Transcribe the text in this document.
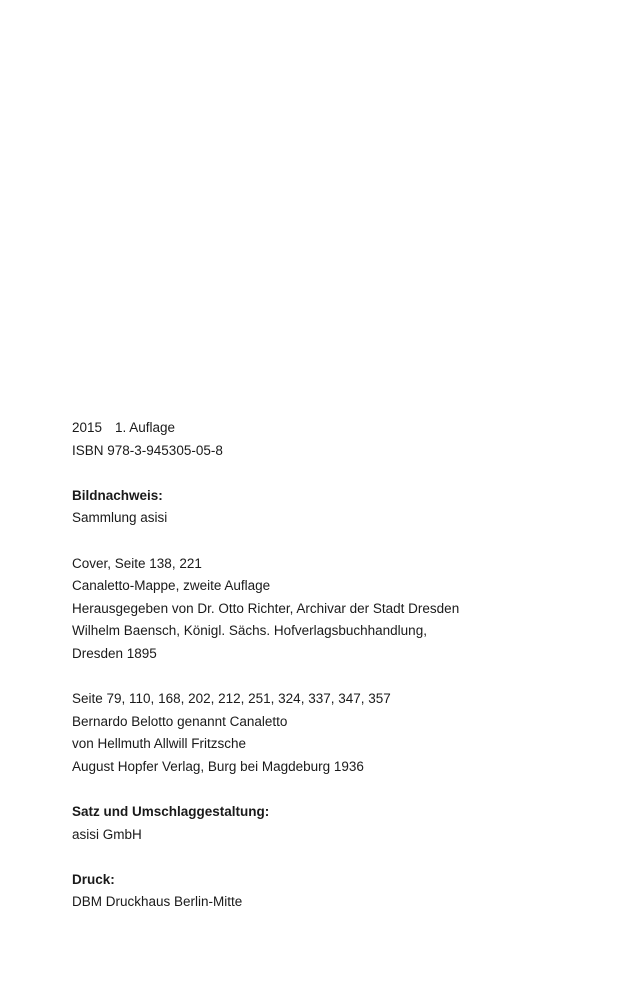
2015 1. Auflage
ISBN 978-3-945305-05-8
Bildnachweis:
Sammlung asisi
Cover, Seite 138, 221
Canaletto-Mappe, zweite Auflage
Herausgegeben von Dr. Otto Richter, Archivar der Stadt Dresden
Wilhelm Baensch, Königl. Sächs. Hofverlagsbuchhandlung,
Dresden 1895
Seite 79, 110, 168, 202, 212, 251, 324, 337, 347, 357
Bernardo Belotto genannt Canaletto
von Hellmuth Allwill Fritzsche
August Hopfer Verlag, Burg bei Magdeburg 1936
Satz und Umschlaggestaltung:
asisi GmbH
Druck:
DBM Druckhaus Berlin-Mitte
